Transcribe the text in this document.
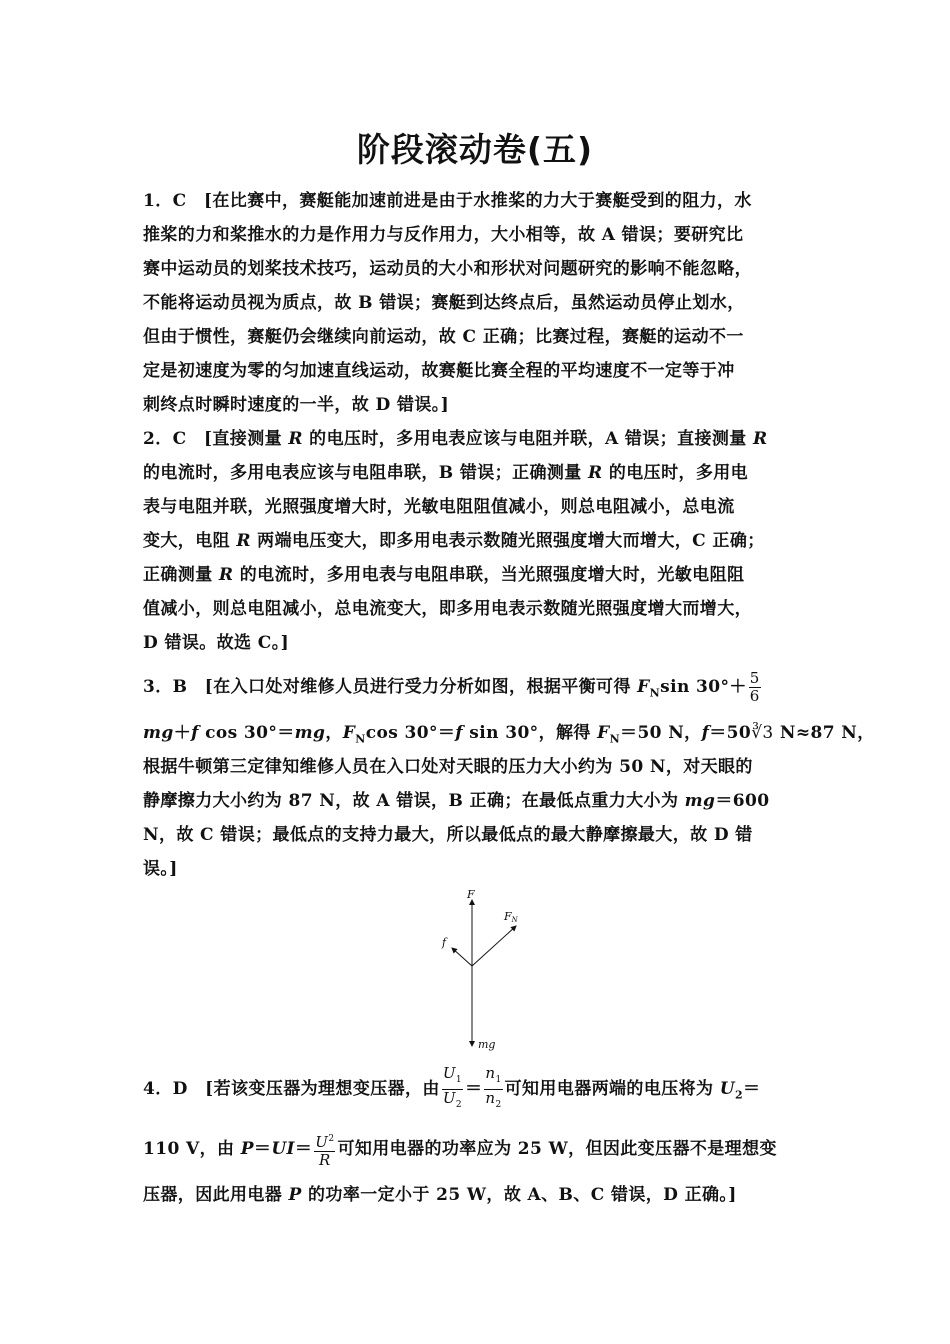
阶段滚动卷(五)
1．C　[在比赛中，赛艇能加速前进是由于水推桨的力大于赛艇受到的阻力，水
推桨的力和桨推水的力是作用力与反作用力，大小相等，故 A 错误；要研究比
赛中运动员的划桨技术技巧，运动员的大小和形状对问题研究的影响不能忽略，
不能将运动员视为质点，故 B 错误；赛艇到达终点后，虽然运动员停止划水，
但由于惯性，赛艇仍会继续向前运动，故 C 正确；比赛过程，赛艇的运动不一
定是初速度为零的匀加速直线运动，故赛艇比赛全程的平均速度不一定等于冲
刺终点时瞬时速度的一半，故 D 错误。]
2．C　[直接测量 R 的电压时，多用电表应该与电阻并联，A 错误；直接测量 R
的电流时，多用电表应该与电阻串联，B 错误；正确测量 R 的电压时，多用电
表与电阻并联，光照强度增大时，光敏电阻阻值减小，则总电阻减小，总电流
变大，电阻 R 两端电压变大，即多用电表示数随光照强度增大而增大，C 正确；
正确测量 R 的电流时，多用电表与电阻串联，当光照强度增大时，光敏电阻阻
值减小，则总电阻减小，总电流变大，即多用电表示数随光照强度增大而增大，
D 错误。故选 C。]
3．B　[在入口处对维修人员进行受力分析如图，根据平衡可得 $F_N\sin$ $30^\circ+ \frac{5}{6}$
mg＋f cos 30°＝mg，$F_N\cos$ 30°＝f sin 30°，解得 $F_N=50$ N，f＝50∛3 N≈87 N，
根据牛顿第三定律知维修人员在入口处对天眼的压力大小约为 50 N，对天眼的
静摩擦力大小约为 87 N，故 A 错误，B 正确；在最低点重力大小为 mg＝600
N，故 C 错误；最低点的支持力最大，所以最低点的最大静摩擦最大，故 D 错
误。]
F
FN
f
mg
4．D　[若该变压器为理想变压器，由 $\frac{U_1}{U_2} = \frac{n_1}{n_2}$ 可知用电器两端的电压将为 $U_2=$
110 V，由 $P=UI= \frac{U^2}{R}$ 可知用电器的功率应为 25 W，但因此变压器不是理想变
压器，因此用电器 P 的功率一定小于 25 W，故 A、B、C 错误，D 正确。]
